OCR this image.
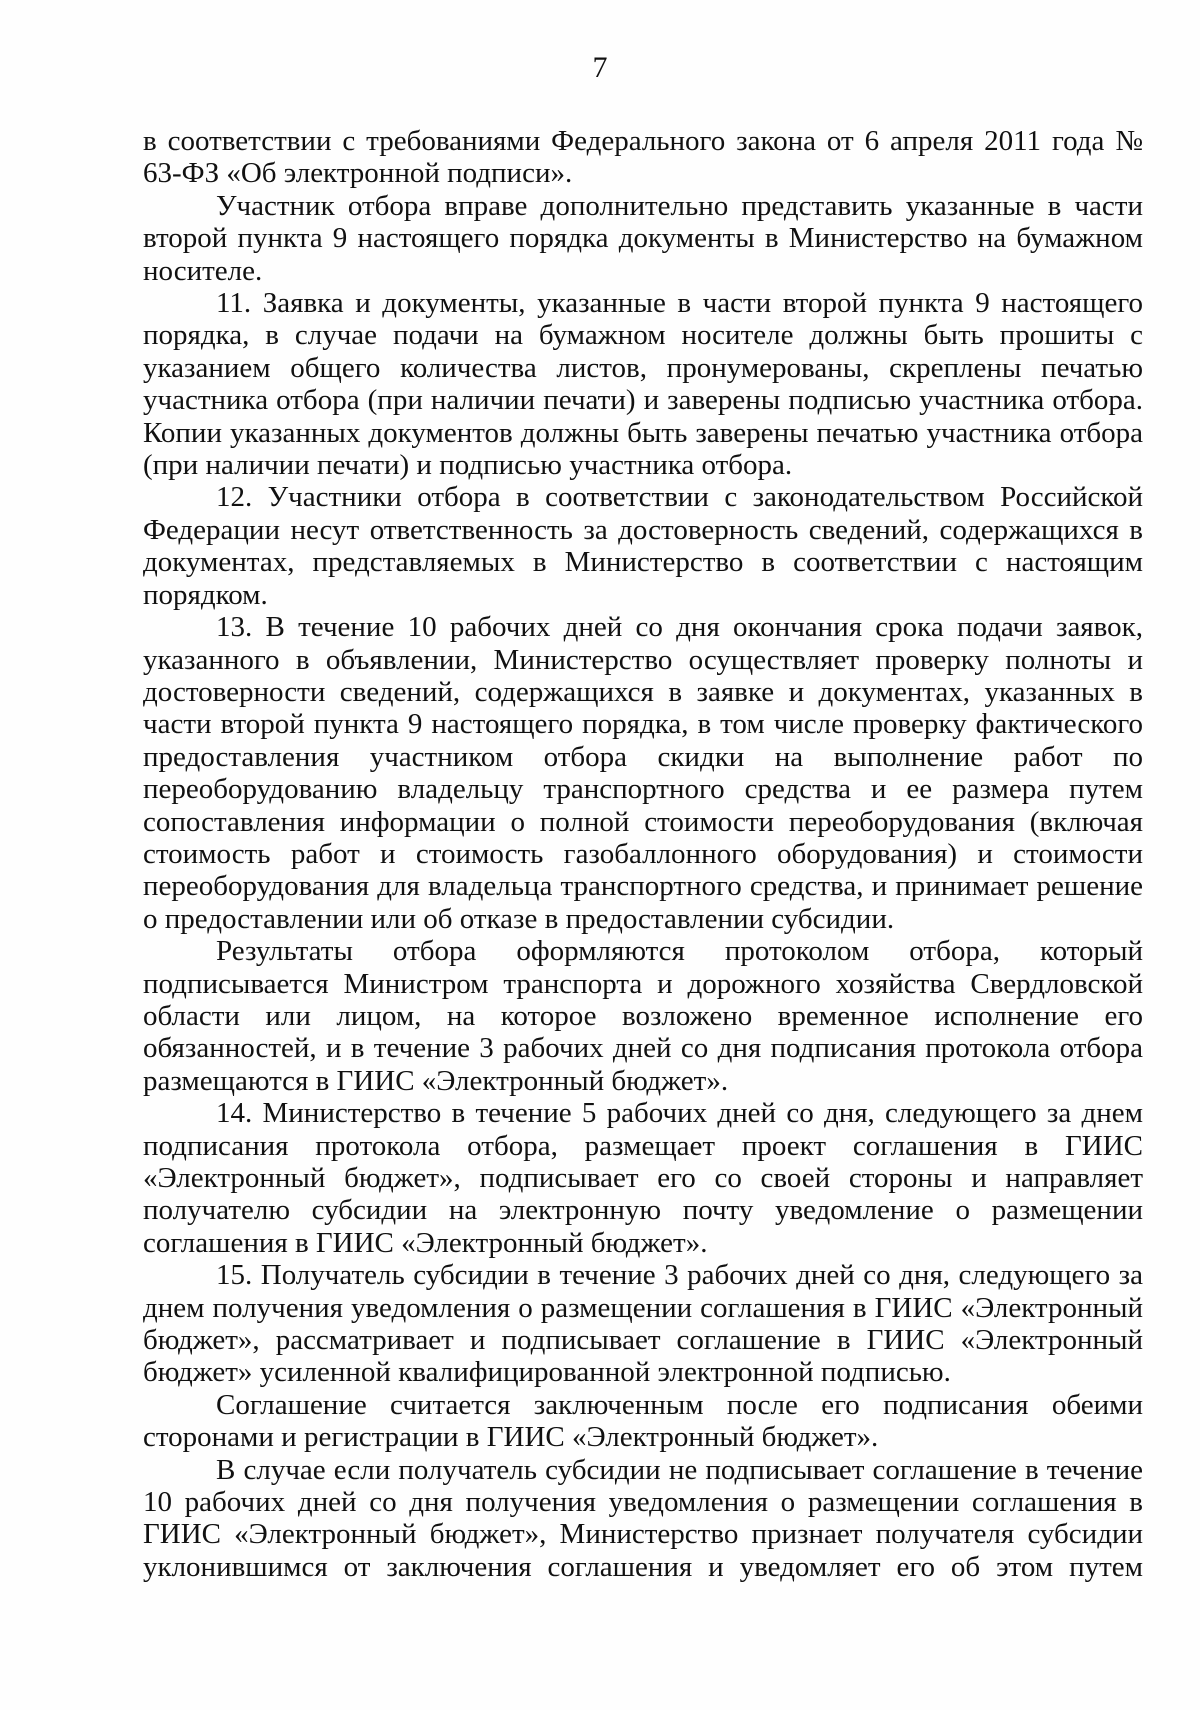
7

в соответствии с требованиями Федерального закона от 6 апреля 2011 года № 63-ФЗ «Об электронной подписи».

Участник отбора вправе дополнительно представить указанные в части второй пункта 9 настоящего порядка документы в Министерство на бумажном носителе.

11. Заявка и документы, указанные в части второй пункта 9 настоящего порядка, в случае подачи на бумажном носителе должны быть прошиты с указанием общего количества листов, пронумерованы, скреплены печатью участника отбора (при наличии печати) и заверены подписью участника отбора. Копии указанных документов должны быть заверены печатью участника отбора (при наличии печати) и подписью участника отбора.

12. Участники отбора в соответствии с законодательством Российской Федерации несут ответственность за достоверность сведений, содержащихся в документах, представляемых в Министерство в соответствии с настоящим порядком.

13. В течение 10 рабочих дней со дня окончания срока подачи заявок, указанного в объявлении, Министерство осуществляет проверку полноты и достоверности сведений, содержащихся в заявке и документах, указанных в части второй пункта 9 настоящего порядка, в том числе проверку фактического предоставления участником отбора скидки на выполнение работ по переоборудованию владельцу транспортного средства и ее размера путем сопоставления информации о полной стоимости переоборудования (включая стоимость работ и стоимость газобаллонного оборудования) и стоимости переоборудования для владельца транспортного средства, и принимает решение о предоставлении или об отказе в предоставлении субсидии.

Результаты отбора оформляются протоколом отбора, который подписывается Министром транспорта и дорожного хозяйства Свердловской области или лицом, на которое возложено временное исполнение его обязанностей, и в течение 3 рабочих дней со дня подписания протокола отбора размещаются в ГИИС «Электронный бюджет».

14. Министерство в течение 5 рабочих дней со дня, следующего за днем подписания протокола отбора, размещает проект соглашения в ГИИС «Электронный бюджет», подписывает его со своей стороны и направляет получателю субсидии на электронную почту уведомление о размещении соглашения в ГИИС «Электронный бюджет».

15. Получатель субсидии в течение 3 рабочих дней со дня, следующего за днем получения уведомления о размещении соглашения в ГИИС «Электронный бюджет», рассматривает и подписывает соглашение в ГИИС «Электронный бюджет» усиленной квалифицированной электронной подписью.

Соглашение считается заключенным после его подписания обеими сторонами и регистрации в ГИИС «Электронный бюджет».

В случае если получатель субсидии не подписывает соглашение в течение 10 рабочих дней со дня получения уведомления о размещении соглашения в ГИИС «Электронный бюджет», Министерство признает получателя субсидии уклонившимся от заключения соглашения и уведомляет его об этом путем
